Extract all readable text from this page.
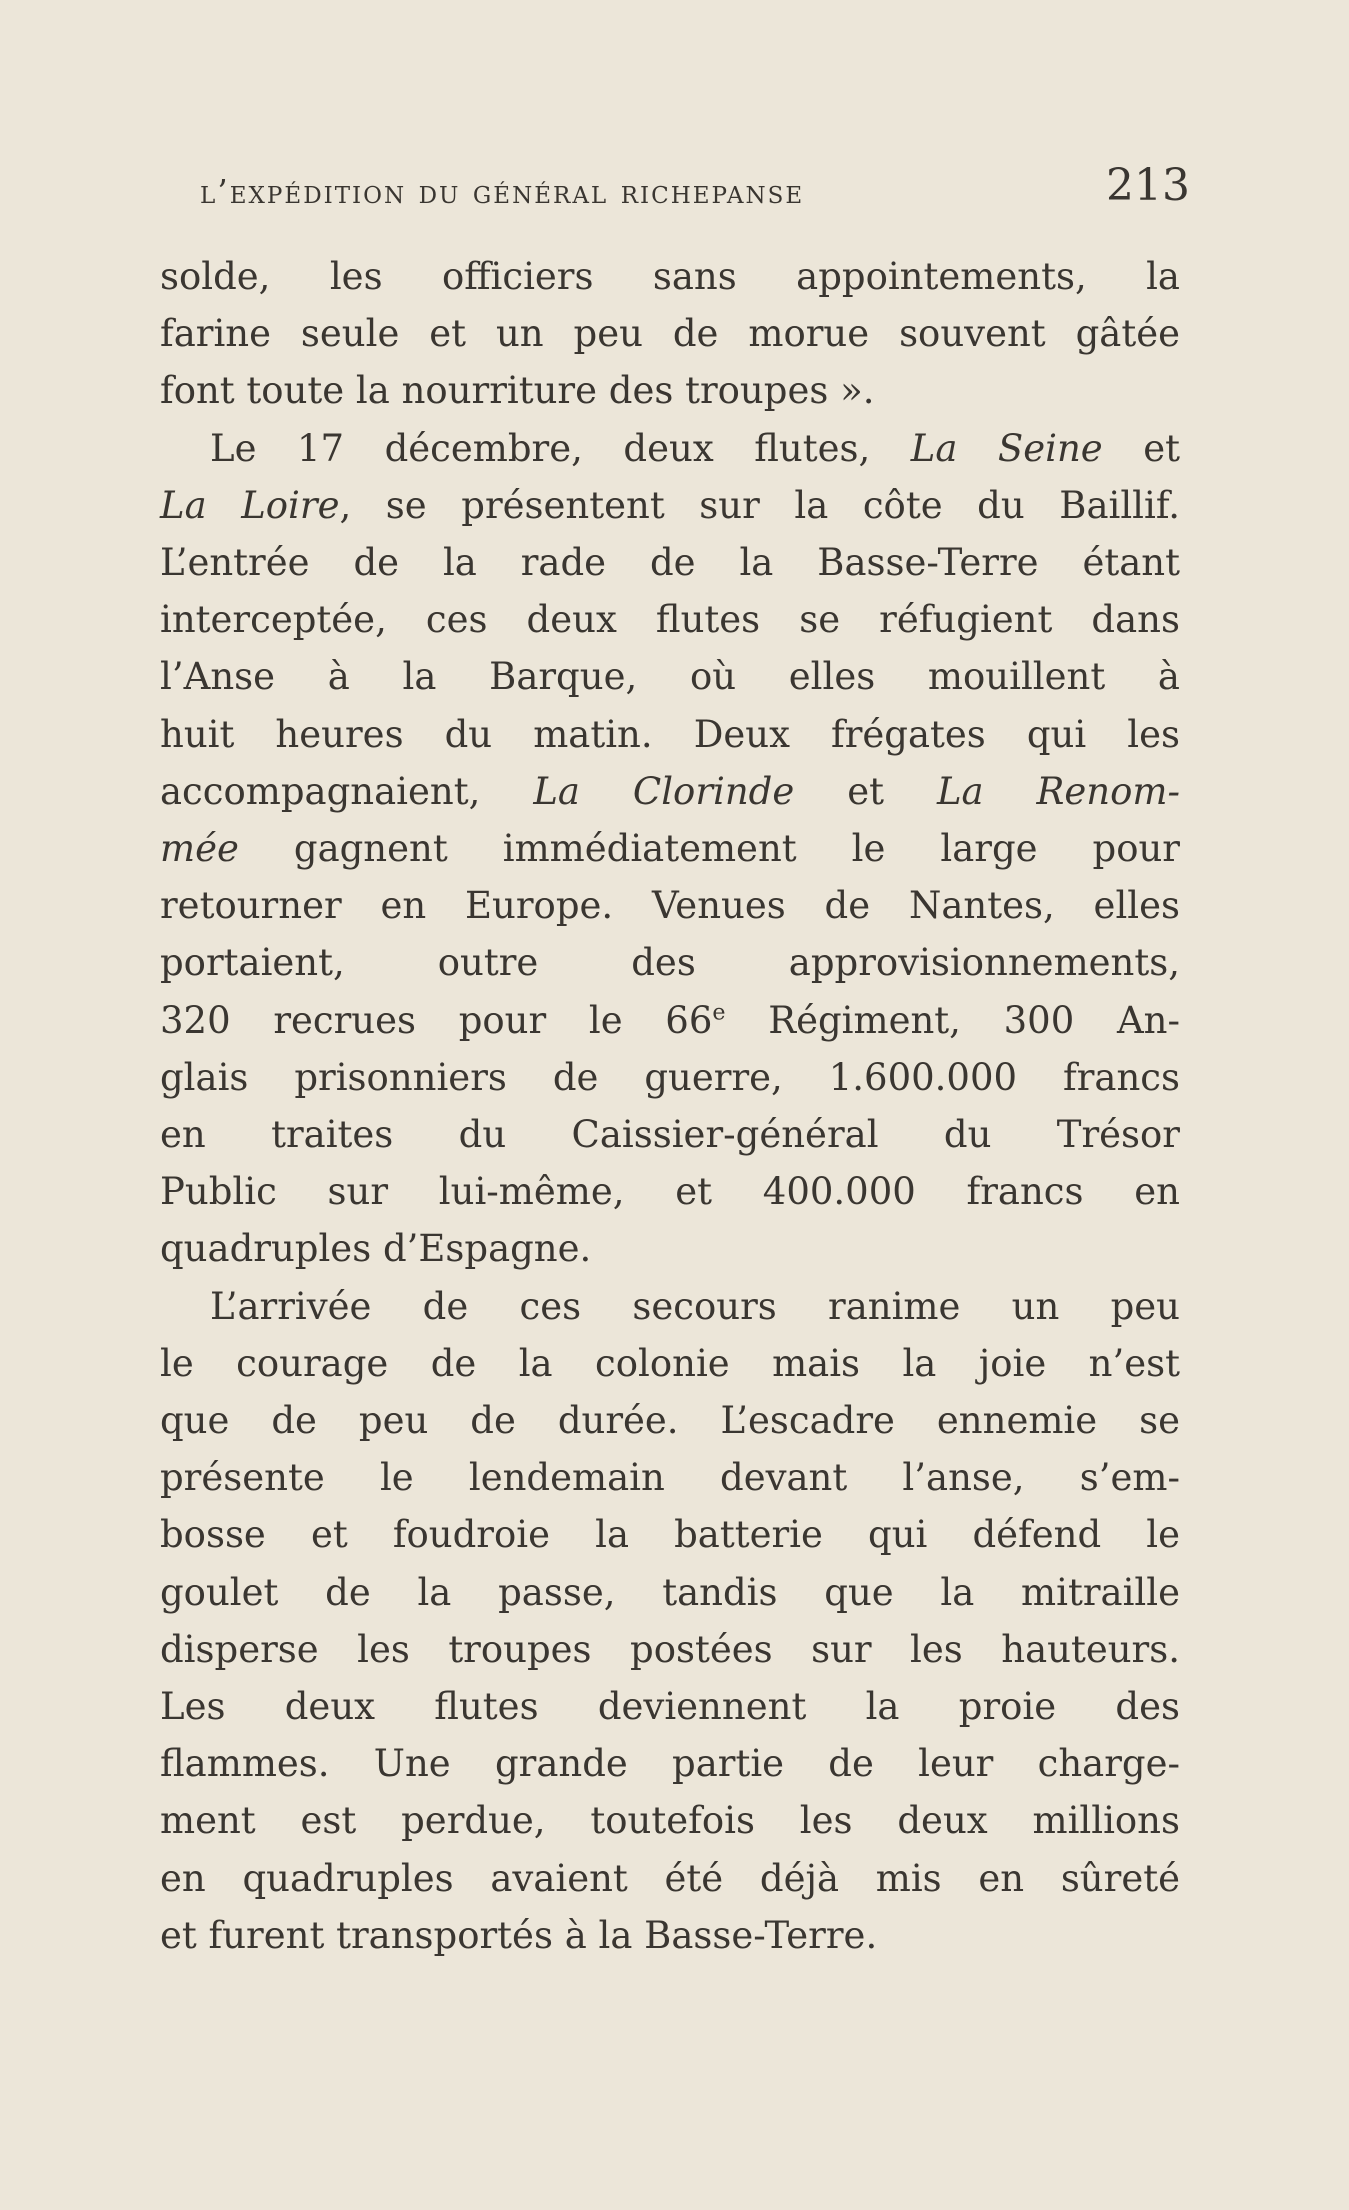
l’expédition du général richepanse	213
solde, les officiers sans appointements, la
farine seule et un peu de morue souvent gâtée
font toute la nourriture des troupes ».
Le 17 décembre, deux flutes, La Seine et
La Loire, se présentent sur la côte du Baillif.
L’entrée de la rade de la Basse-Terre étant
interceptée, ces deux flutes se réfugient dans
l’Anse à la Barque, où elles mouillent à
huit heures du matin. Deux frégates qui les
accompagnaient, La Clorinde et La Renom-
mée gagnent immédiatement le large pour
retourner en Europe. Venues de Nantes, elles
portaient, outre des approvisionnements,
320 recrues pour le 66e Régiment, 300 An-
glais prisonniers de guerre, 1.600.000 francs
en traites du Caissier-général du Trésor
Public sur lui-même, et 400.000 francs en
quadruples d’Espagne.
L’arrivée de ces secours ranime un peu
le courage de la colonie mais la joie n’est
que de peu de durée. L’escadre ennemie se
présente le lendemain devant l’anse, s’em-
bosse et foudroie la batterie qui défend le
goulet de la passe, tandis que la mitraille
disperse les troupes postées sur les hauteurs.
Les deux flutes deviennent la proie des
flammes. Une grande partie de leur charge-
ment est perdue, toutefois les deux millions
en quadruples avaient été déjà mis en sûreté
et furent transportés à la Basse-Terre.
